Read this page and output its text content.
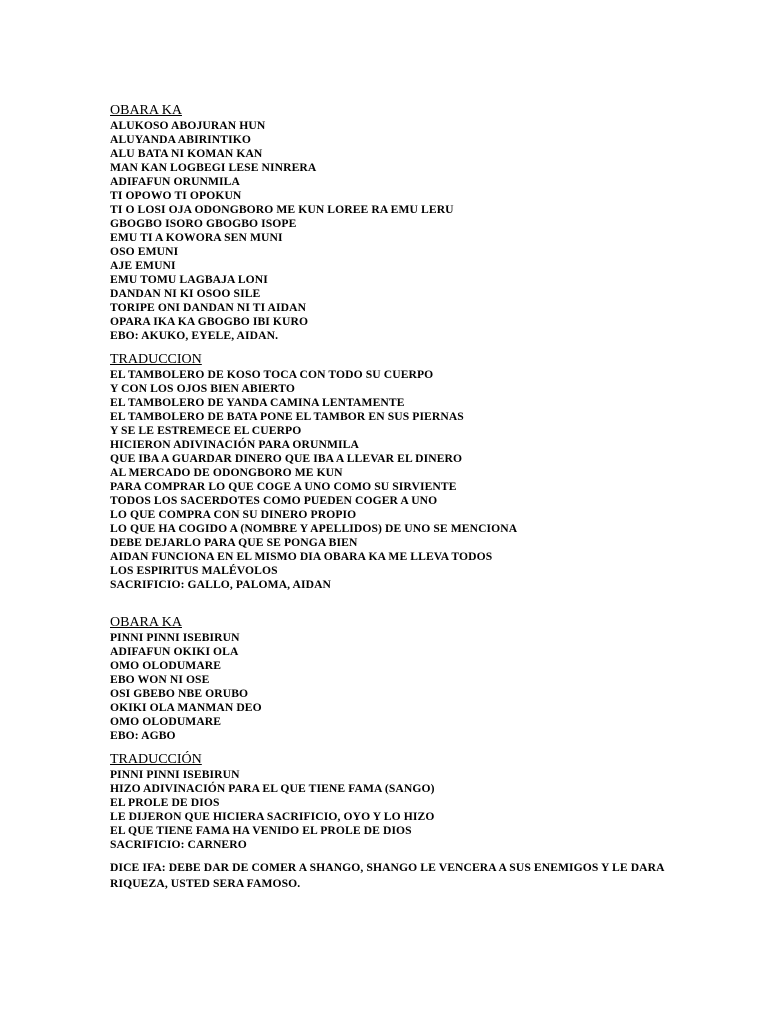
OBARA KA
ALUKOSO ABOJURAN HUN
ALUYANDA ABIRINTIKO
ALU BATA NI KOMAN KAN
MAN KAN LOGBEGI LESE NINRERA
ADIFAFUN ORUNMILA
TI OPOWO TI OPOKUN
TI O LOSI OJA ODONGBORO ME KUN LOREE RA EMU LERU
GBOGBO ISORO GBOGBO ISOPE
EMU TI A KOWORA SEN MUNI
OSO EMUNI
AJE EMUNI
EMU TOMU LAGBAJA LONI
DANDAN NI KI OSOO SILE
TORIPE ONI DANDAN NI TI AIDAN
OPARA IKA KA GBOGBO IBI KURO
EBO: AKUKO, EYELE, AIDAN.
TRADUCCION
EL TAMBOLERO DE KOSO TOCA CON TODO SU CUERPO
Y CON LOS OJOS BIEN ABIERTO
EL TAMBOLERO DE YANDA CAMINA LENTAMENTE
EL TAMBOLERO DE BATA PONE EL TAMBOR EN SUS PIERNAS
Y SE LE ESTREMECE EL CUERPO
HICIERON ADIVINACIÓN PARA ORUNMILA
QUE IBA A GUARDAR DINERO QUE IBA A LLEVAR EL DINERO
AL MERCADO DE ODONGBORO ME KUN
PARA COMPRAR LO QUE COGE A UNO COMO SU SIRVIENTE
TODOS LOS SACERDOTES COMO PUEDEN COGER A UNO
LO QUE COMPRA CON SU DINERO PROPIO
LO QUE HA COGIDO A (NOMBRE Y APELLIDOS) DE UNO SE MENCIONA
DEBE DEJARLO PARA QUE SE PONGA BIEN
AIDAN FUNCIONA EN EL MISMO DIA OBARA KA ME LLEVA TODOS
LOS ESPIRITUS MALÉVOLOS
SACRIFICIO: GALLO, PALOMA, AIDAN
OBARA KA
PINNI PINNI ISEBIRUN
ADIFAFUN OKIKI OLA
OMO OLODUMARE
EBO WON NI OSE
OSI GBEBO NBE ORUBO
OKIKI OLA MANMAN DEO
OMO OLODUMARE
EBO: AGBO
TRADUCCIÓN
PINNI PINNI ISEBIRUN
HIZO ADIVINACIÓN PARA EL QUE TIENE FAMA (SANGO)
EL PROLE DE DIOS
LE DIJERON QUE HICIERA SACRIFICIO, OYO Y LO HIZO
EL QUE TIENE FAMA HA VENIDO EL PROLE DE DIOS
SACRIFICIO: CARNERO
DICE IFA: DEBE DAR DE COMER A SHANGO, SHANGO LE VENCERA A SUS ENEMIGOS Y LE DARA RIQUEZA, USTED SERA FAMOSO.
